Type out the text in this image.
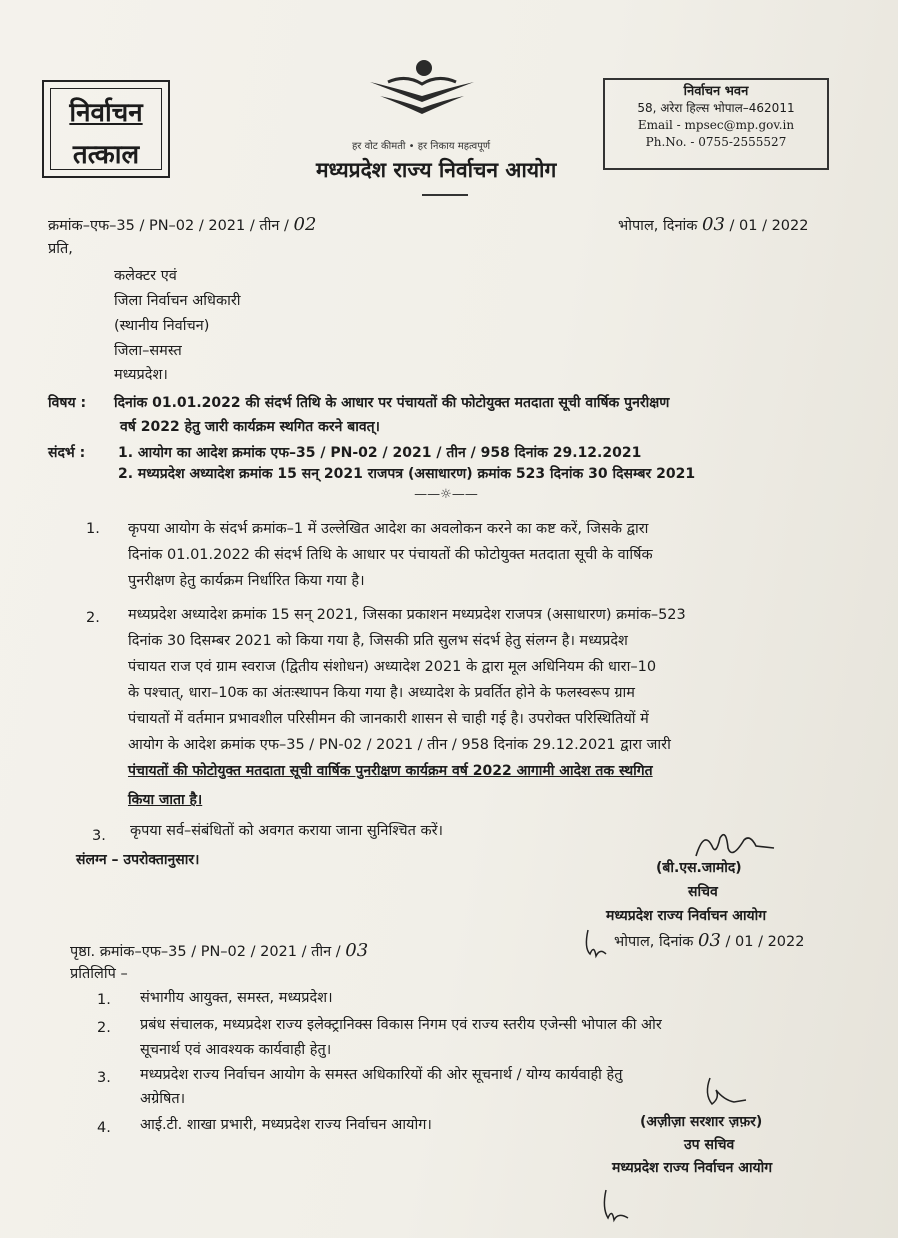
निर्वाचन
तत्काल	हर वोट कीमती • हर निकाय महत्वपूर्ण
मध्यप्रदेश राज्य निर्वाचन आयोग
निर्वाचन भवन
58, अरेरा हिल्स भोपाल–462011
Email - mpsec@mp.gov.in
Ph.No. - 0755-2555527
क्रमांक–एफ–35 / PN–02 / 2021 / तीन / 02	भोपाल, दिनांक 03 / 01 / 2022
प्रति,
कलेक्टर एवं
जिला निर्वाचन अधिकारी
(स्थानीय निर्वाचन)
जिला–समस्त
मध्यप्रदेश।
विषय : दिनांक 01.01.2022 की संदर्भ तिथि के आधार पर पंचायतों की फोटोयुक्त मतदाता सूची वार्षिक पुनरीक्षण
वर्ष 2022 हेतु जारी कार्यक्रम स्थगित करने बावत्।
संदर्भ : 1. आयोग का आदेश क्रमांक एफ–35 / PN-02 / 2021 / तीन / 958 दिनांक 29.12.2021
2. मध्यप्रदेश अध्यादेश क्रमांक 15 सन् 2021 राजपत्र (असाधारण) क्रमांक 523 दिनांक 30 दिसम्बर 2021
——☼——
1. कृपया आयोग के संदर्भ क्रमांक–1 में उल्लेखित आदेश का अवलोकन करने का कष्ट करें, जिसके द्वारा
दिनांक 01.01.2022 की संदर्भ तिथि के आधार पर पंचायतों की फोटोयुक्त मतदाता सूची के वार्षिक
पुनरीक्षण हेतु कार्यक्रम निर्धारित किया गया है।
2. मध्यप्रदेश अध्यादेश क्रमांक 15 सन् 2021, जिसका प्रकाशन मध्यप्रदेश राजपत्र (असाधारण) क्रमांक–523
दिनांक 30 दिसम्बर 2021 को किया गया है, जिसकी प्रति सुलभ संदर्भ हेतु संलग्न है। मध्यप्रदेश
पंचायत राज एवं ग्राम स्वराज (द्वितीय संशोधन) अध्यादेश 2021 के द्वारा मूल अधिनियम की धारा–10
के पश्चात्, धारा–10क का अंतःस्थापन किया गया है। अध्यादेश के प्रवर्तित होने के फलस्वरूप ग्राम
पंचायतों में वर्तमान प्रभावशील परिसीमन की जानकारी शासन से चाही गई है। उपरोक्त परिस्थितियों में
आयोग के आदेश क्रमांक एफ–35 / PN-02 / 2021 / तीन / 958 दिनांक 29.12.2021 द्वारा जारी
पंचायतों की फोटोयुक्त मतदाता सूची वार्षिक पुनरीक्षण कार्यक्रम वर्ष 2022 आगामी आदेश तक स्थगित
किया जाता है।
3. कृपया सर्व–संबंधितों को अवगत कराया जाना सुनिश्चित करें।
संलग्न – उपरोक्तानुसार।	(बी.एस.जामोद)
सचिव
मध्यप्रदेश राज्य निर्वाचन आयोग
पृष्ठा. क्रमांक–एफ–35 / PN–02 / 2021 / तीन / 03	भोपाल, दिनांक 03 / 01 / 2022
प्रतिलिपि –
1. संभागीय आयुक्त, समस्त, मध्यप्रदेश।
2. प्रबंध संचालक, मध्यप्रदेश राज्य इलेक्ट्रानिक्स विकास निगम एवं राज्य स्तरीय एजेन्सी भोपाल की ओर
सूचनार्थ एवं आवश्यक कार्यवाही हेतु।
3. मध्यप्रदेश राज्य निर्वाचन आयोग के समस्त अधिकारियों की ओर सूचनार्थ / योग्य कार्यवाही हेतु
अग्रेषित।
4. आई.टी. शाखा प्रभारी, मध्यप्रदेश राज्य निर्वाचन आयोग।	(अज़ीज़ा सरशार ज़फ़र)
उप सचिव
मध्यप्रदेश राज्य निर्वाचन आयोग
